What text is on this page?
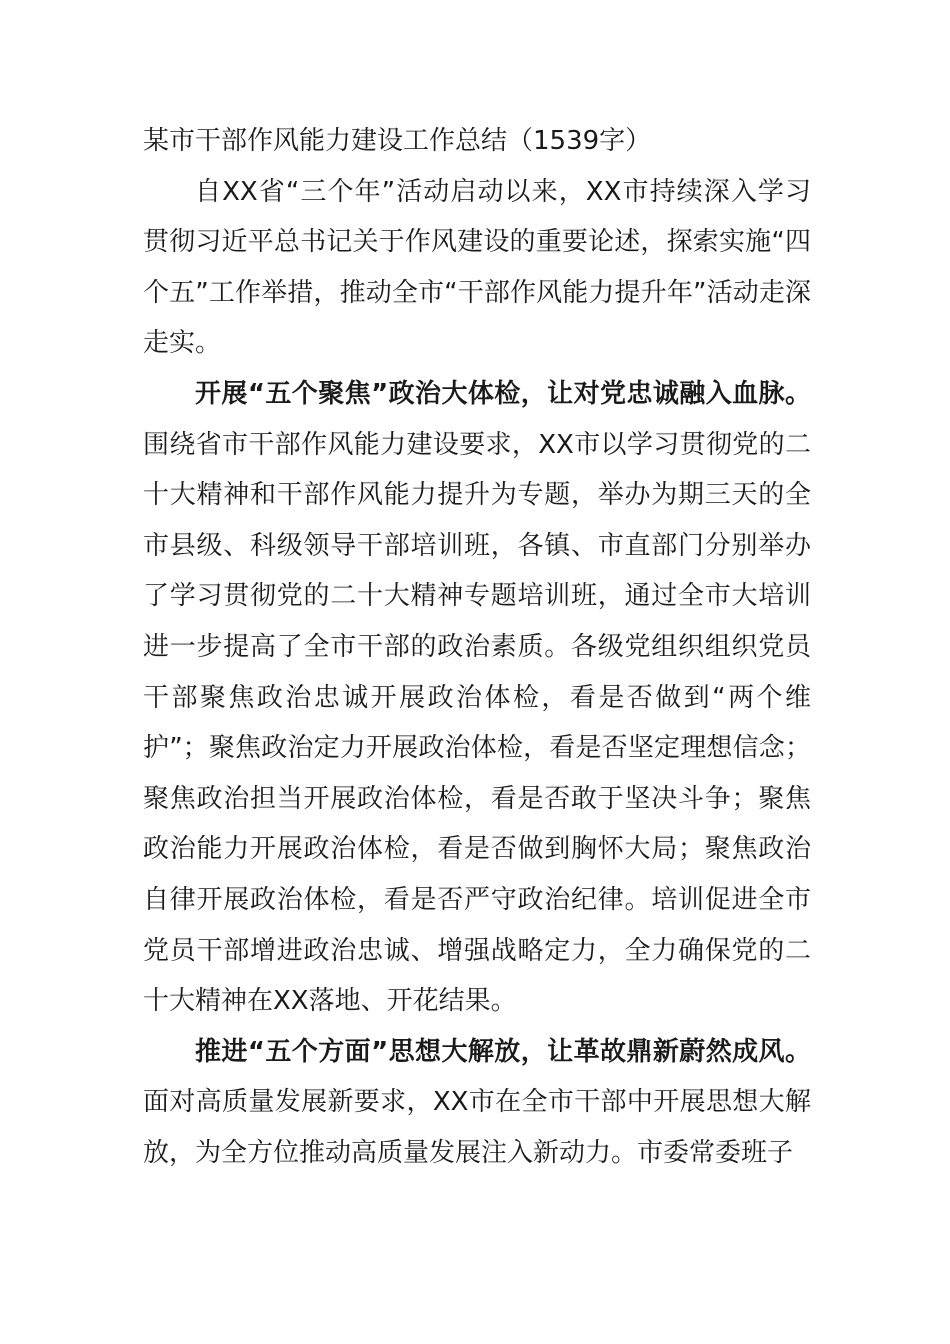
某市干部作风能力建设工作总结（1539字）

自XX省“三个年”活动启动以来，XX市持续深入学习贯彻习近平总书记关于作风建设的重要论述，探索实施“四个五”工作举措，推动全市“干部作风能力提升年”活动走深走实。

开展“五个聚焦”政治大体检，让对党忠诚融入血脉。围绕省市干部作风能力建设要求，XX市以学习贯彻党的二十大精神和干部作风能力提升为专题，举办为期三天的全市县级、科级领导干部培训班，各镇、市直部门分别举办了学习贯彻党的二十大精神专题培训班，通过全市大培训进一步提高了全市干部的政治素质。各级党组织组织党员干部聚焦政治忠诚开展政治体检，看是否做到“两个维护”；聚焦政治定力开展政治体检，看是否坚定理想信念；聚焦政治担当开展政治体检，看是否敢于坚决斗争；聚焦政治能力开展政治体检，看是否做到胸怀大局；聚焦政治自律开展政治体检，看是否严守政治纪律。培训促进全市党员干部增进政治忠诚、增强战略定力，全力确保党的二十大精神在XX落地、开花结果。

推进“五个方面”思想大解放，让革故鼎新蔚然成风。面对高质量发展新要求，XX市在全市干部中开展思想大解放，为全方位推动高质量发展注入新动力。市委常委班子
